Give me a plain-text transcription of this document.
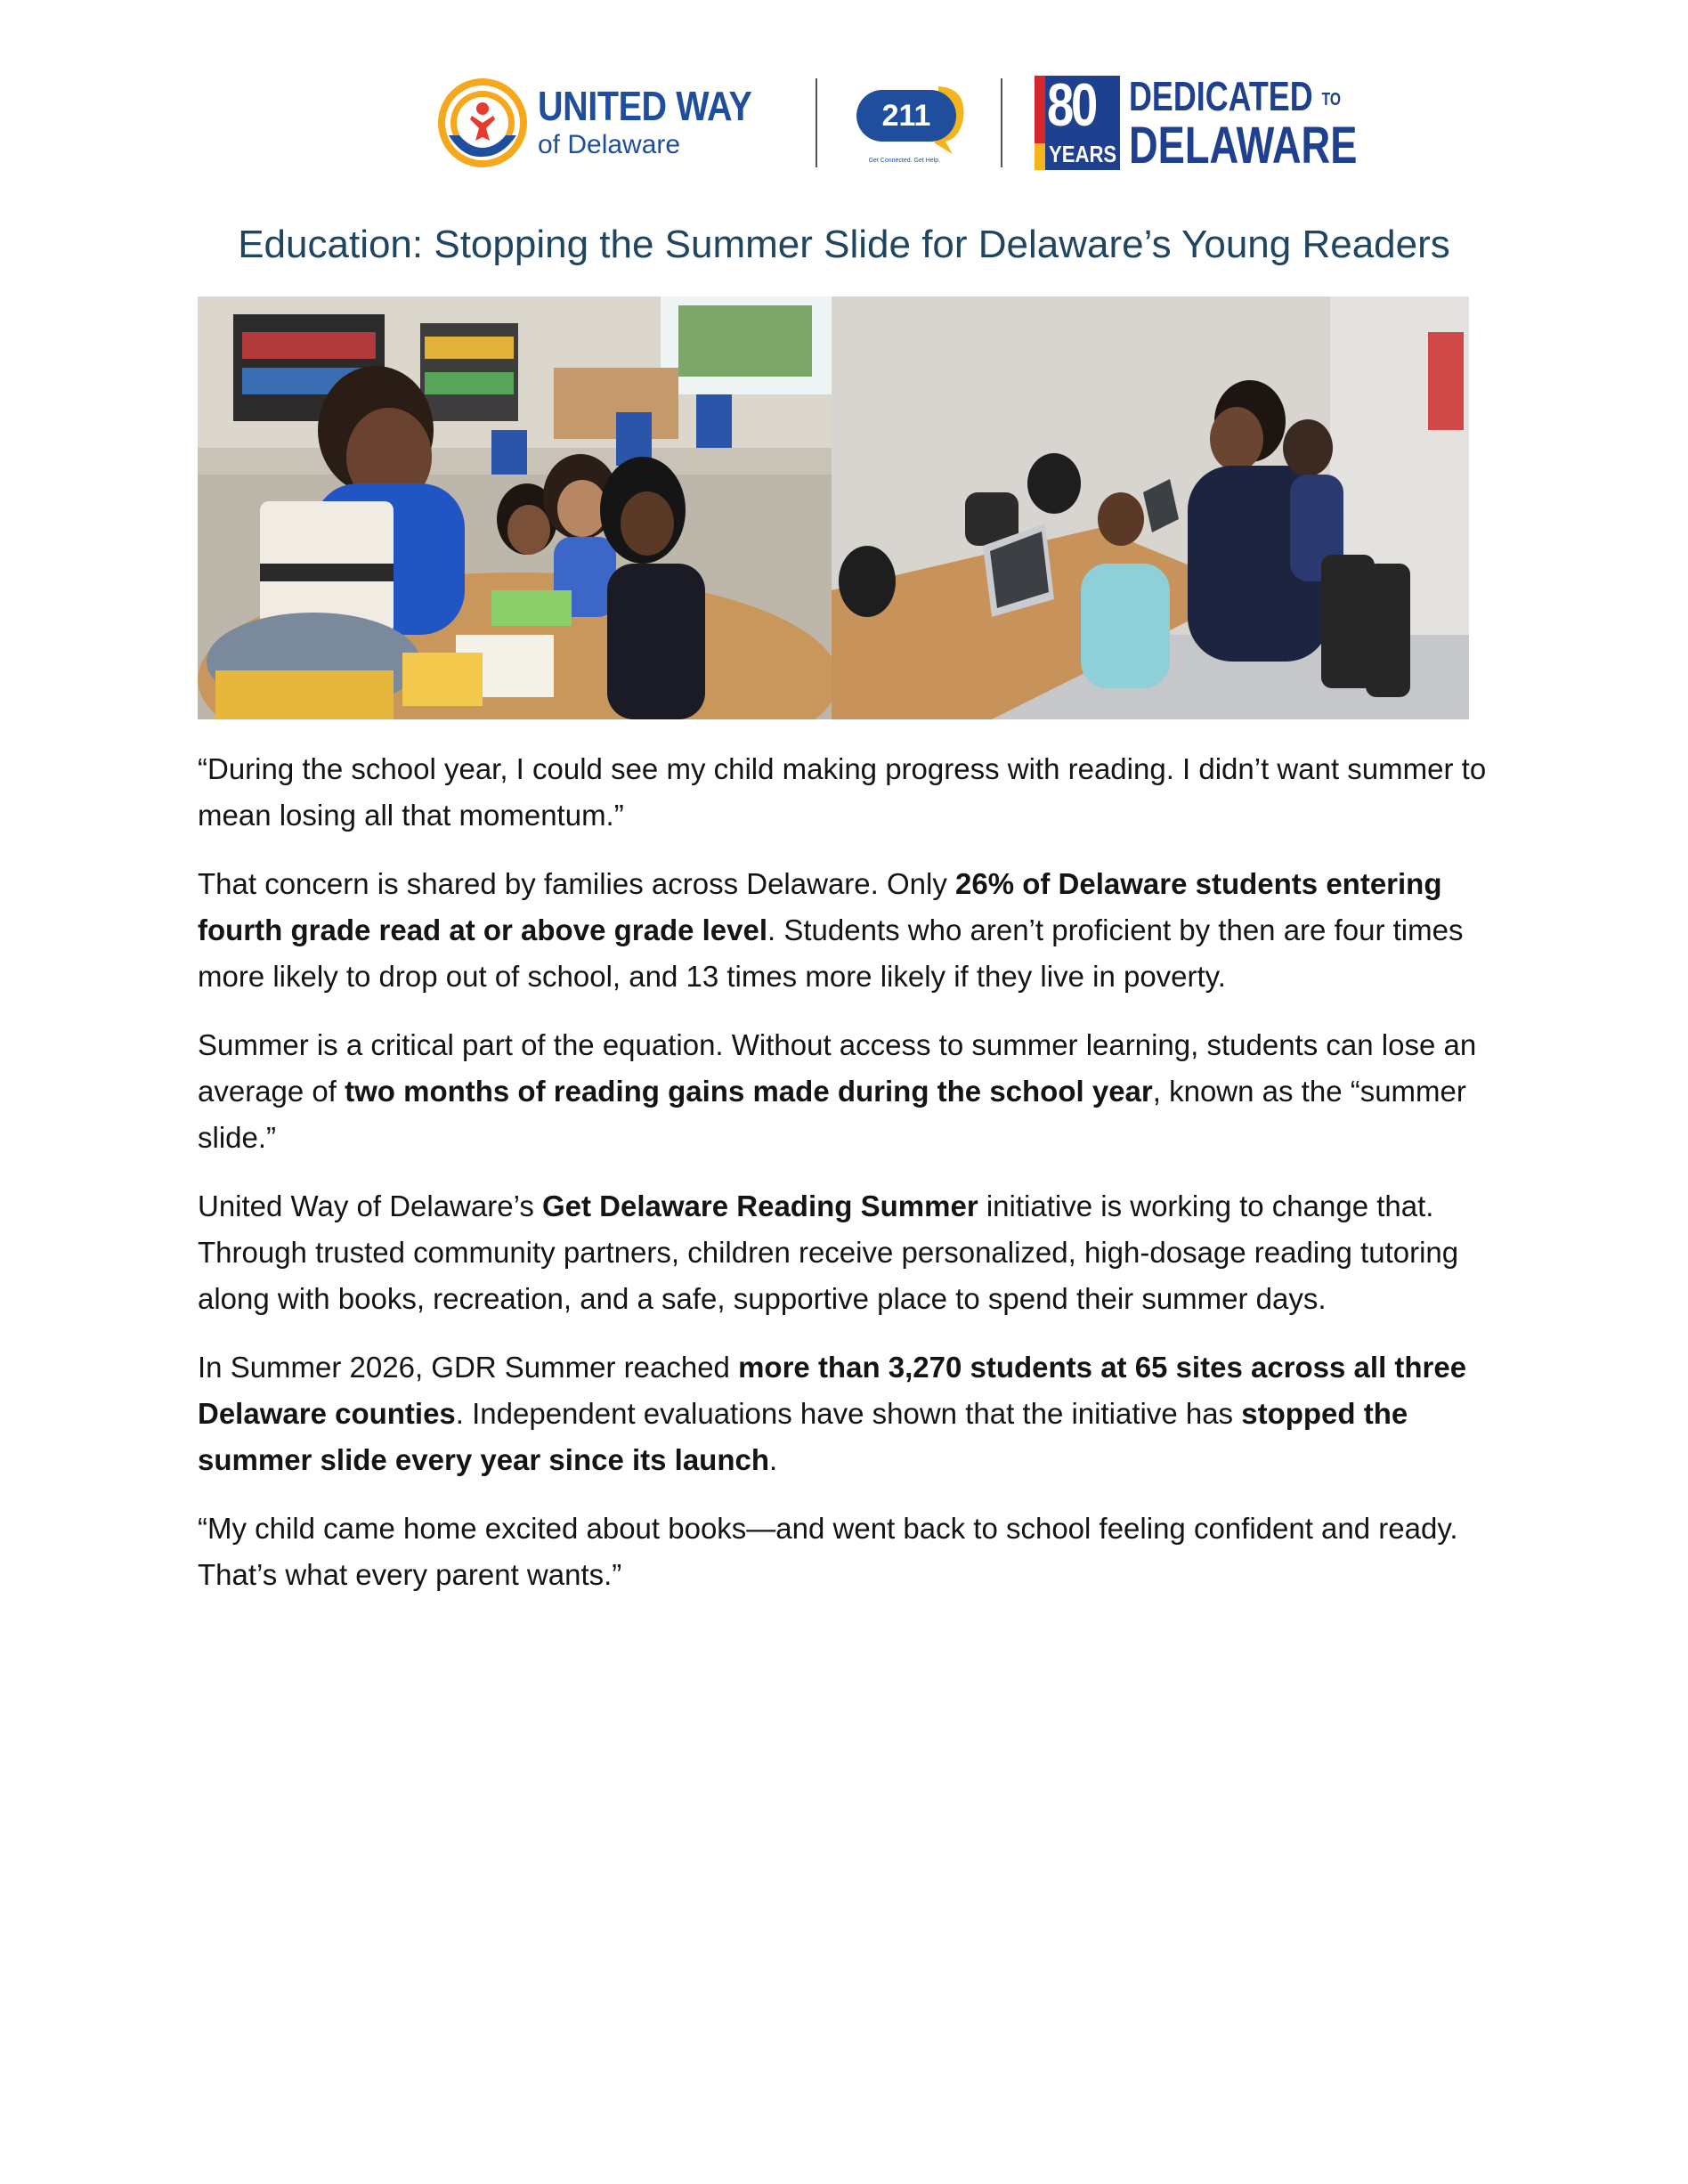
UNITED WAY
of Delaware
211
Get Connected. Get Help.
80
YEARS
DEDICATED TO
DELAWARE
Education: Stopping the Summer Slide for Delaware’s Young Readers

“During the school year, I could see my child making progress with reading. I didn’t want summer to mean losing all that momentum.”

That concern is shared by families across Delaware. Only 26% of Delaware students entering fourth grade read at or above grade level. Students who aren’t proficient by then are four times more likely to drop out of school, and 13 times more likely if they live in poverty.

Summer is a critical part of the equation. Without access to summer learning, students can lose an average of two months of reading gains made during the school year, known as the “summer slide.”

United Way of Delaware’s Get Delaware Reading Summer initiative is working to change that. Through trusted community partners, children receive personalized, high-dosage reading tutoring along with books, recreation, and a safe, supportive place to spend their summer days.

In Summer 2026, GDR Summer reached more than 3,270 students at 65 sites across all three Delaware counties. Independent evaluations have shown that the initiative has stopped the summer slide every year since its launch.

“My child came home excited about books—and went back to school feeling confident and ready. That’s what every parent wants.”
